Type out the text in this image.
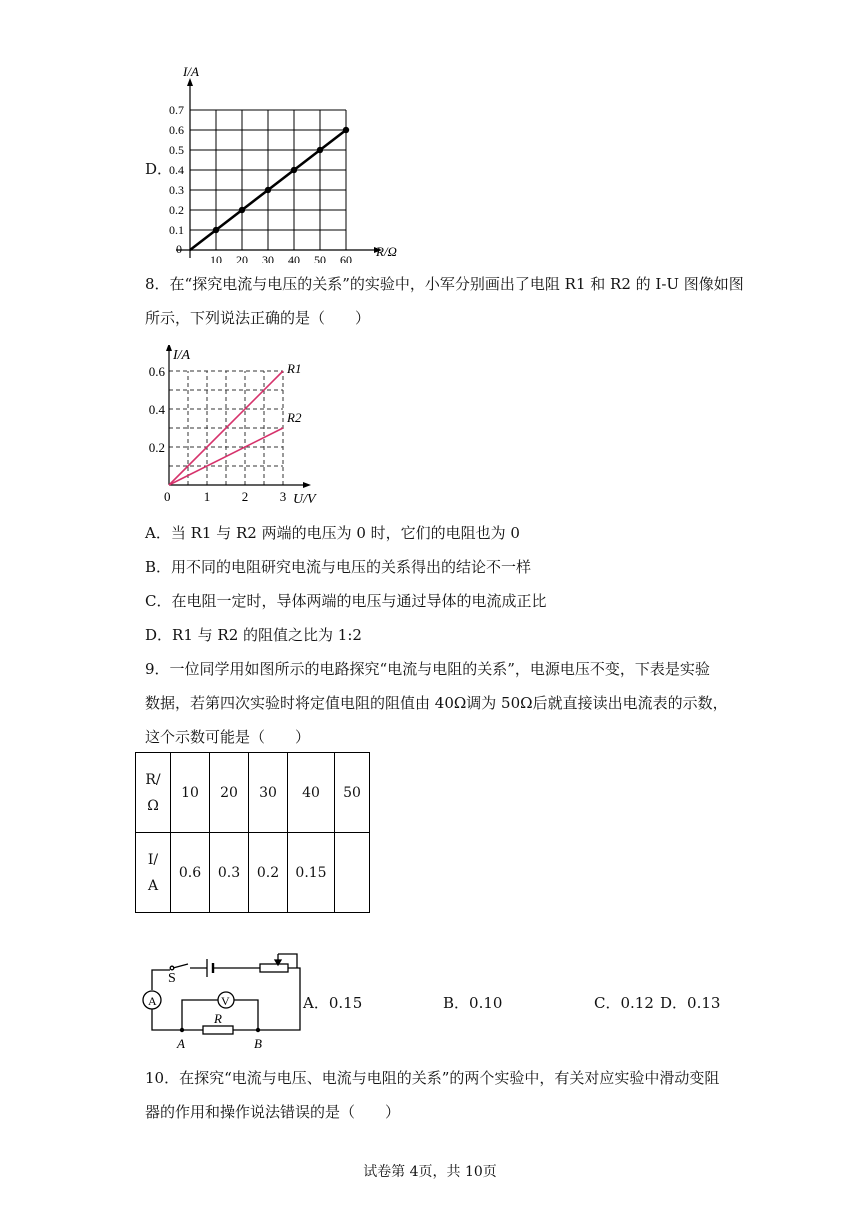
D．
10 20 30 40 50 60
0.1
0.2
0.3
0.4
0.5
0.6
0.7
I/A
R/Ω
0
8．在“探究电流与电压的关系”的实验中，小军分别画出了电阻 R1 和 R2 的 I-U 图像如图
所示，下列说法正确的是（　　）
1 2 3
0.2
0.4
0.6
I/A
U/V
0
R1
R2
A．当 R1 与 R2 两端的电压为 0 时，它们的电阻也为 0
B．用不同的电阻研究电流与电压的关系得出的结论不一样
C．在电阻一定时，导体两端的电压与通过导体的电流成正比
D．R1 与 R2 的阻值之比为 1:2
9．一位同学用如图所示的电路探究“电流与电阻的关系”，电源电压不变，下表是实验
数据，若第四次实验时将定值电阻的阻值由 40Ω调为 50Ω后就直接读出电流表的示数，
这个示数可能是（　　）
R/
Ω	10	20	30	40	50
I/
A	0.6	0.3	0.2	0.15	
S
A	V
R
A	B
A．0.15	B．0.10	C．0.12 D．0.13
10．在探究“电流与电压、电流与电阻的关系”的两个实验中，有关对应实验中滑动变阻
器的作用和操作说法错误的是（　　）
试卷第 4页，共 10页
